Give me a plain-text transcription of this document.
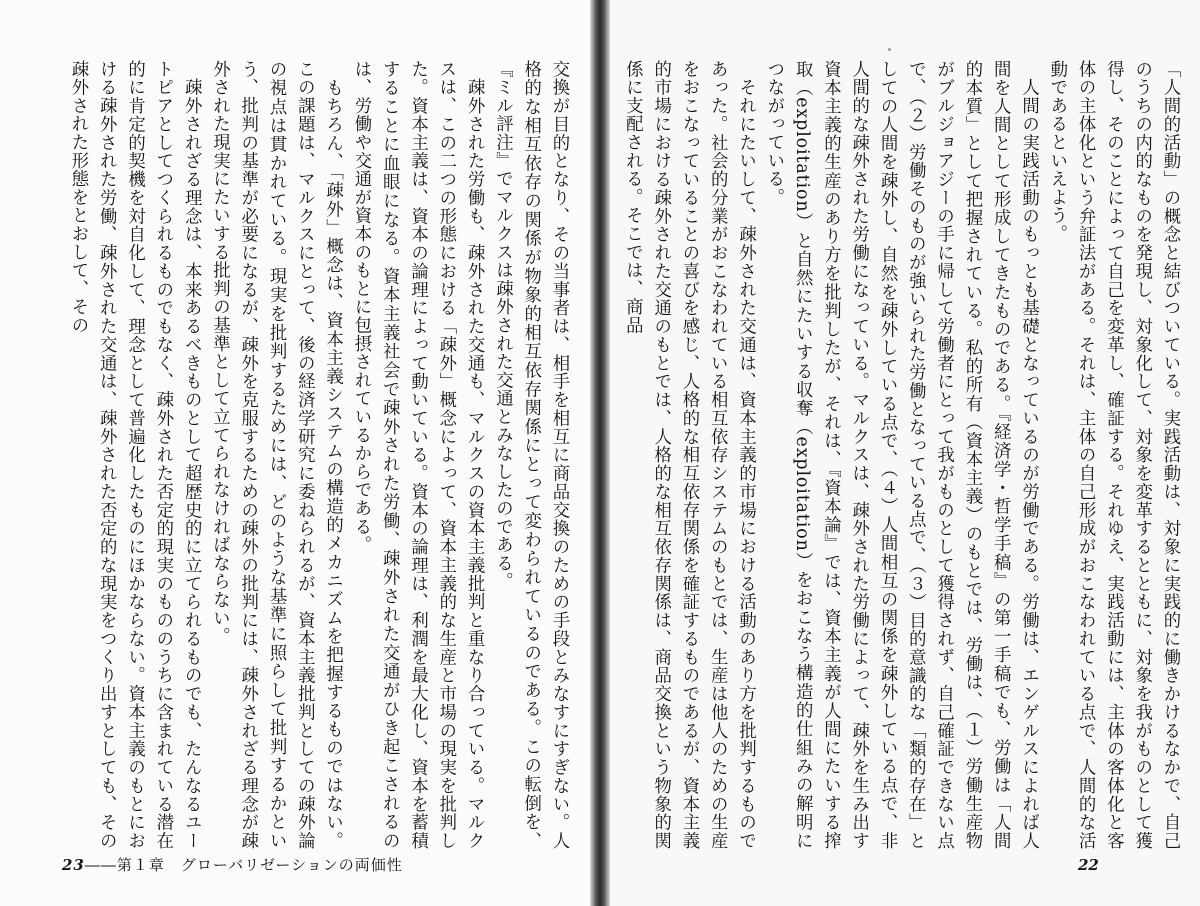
交換が目的となり、その当事者は、相手を相互に商品交換のための手段とみなすにすぎない。人格的な相互依存の関係が物象的相互依存関係にとって変わられているのである。この転倒を、『ミル評注』でマルクスは疎外された交通とみなしたのである。
　疎外された労働も、疎外された交通も、マルクスの資本主義批判と重なり合っている。マルクスは、この二つの形態における「疎外」概念によって、資本主義的な生産と市場の現実を批判した。資本主義は、資本の論理によって動いている。資本の論理は、利潤を最大化し、資本を蓄積することに血眼になる。資本主義社会で疎外された労働、疎外された交通がひき起こされるのは、労働や交通が資本のもとに包摂されているからである。
　もちろん、「疎外」概念は、資本主義システムの構造的メカニズムを把握するものではない。この課題は、マルクスにとって、後の経済学研究に委ねられるが、資本主義批判としての疎外論の視点は貫かれている。現実を批判するためには、どのような基準に照らして批判するかという、批判の基準が必要になるが、疎外を克服するための疎外の批判には、疎外されざる理念が疎外された現実にたいする批判の基準として立てられなければならない。
　疎外されざる理念は、本来あるべきものとして超歴史的に立てられるものでも、たんなるユートピアとしてつくられるものでもなく、疎外された否定的現実のもののうちに含まれている潜在的に肯定的契機を対自化して、理念として普遍化したものにほかならない。資本主義のもとにおける疎外された労働、疎外された交通は、疎外された否定的な現実をつくり出すとしても、その疎外された形態をとおして、その
23――第１章　グローバリゼーションの両価性
「人間的活動」の概念と結びついている。実践活動は、対象に実践的に働きかけるなかで、自己のうちの内的なものを発現し、対象化して、対象を変革するとともに、対象を我がものとして獲得し、そのことによって自己を変革し、確証する。それゆえ、実践活動には、主体の客体化と客体の主体化という弁証法がある。それは、主体の自己形成がおこなわれている点で、人間的な活動であるといえよう。
　人間の実践活動のもっとも基礎となっているのが労働である。労働は、エンゲルスによれば人間を人間として形成してきたものである。『経済学・哲学手稿』の第一手稿でも、労働は「人間的本質」として把握されている。私的所有（資本主義）のもとでは、労働は、（１）労働生産物がブルジョアジーの手に帰して労働者にとって我がものとして獲得されず、自己確証できない点で、（２）労働そのものが強いられた労働となっている点で、（３）目的意識的な「類的存在」としての人間を疎外し、自然を疎外している点で、（４）人間相互の関係を疎外している点で、非人間的な疎外された労働になっている。マルクスは、疎外された労働によって、疎外を生み出す資本主義的生産のあり方を批判したが、それは、『資本論』では、資本主義が人間にたいする搾取（exploitation）と自然にたいする収奪（exploitation）をおこなう構造的仕組みの解明につながっている。
　それにたいして、疎外された交通は、資本主義的市場における活動のあり方を批判するものであった。社会的分業がおこなわれている相互依存システムのもとでは、生産は他人のための生産をおこなっていることの喜びを感じ、人格的な相互依存関係を確証するものであるが、資本主義的市場における疎外された交通のもとでは、人格的な相互依存関係は、商品交換という物象的関係に支配される。そこでは、商品
22
